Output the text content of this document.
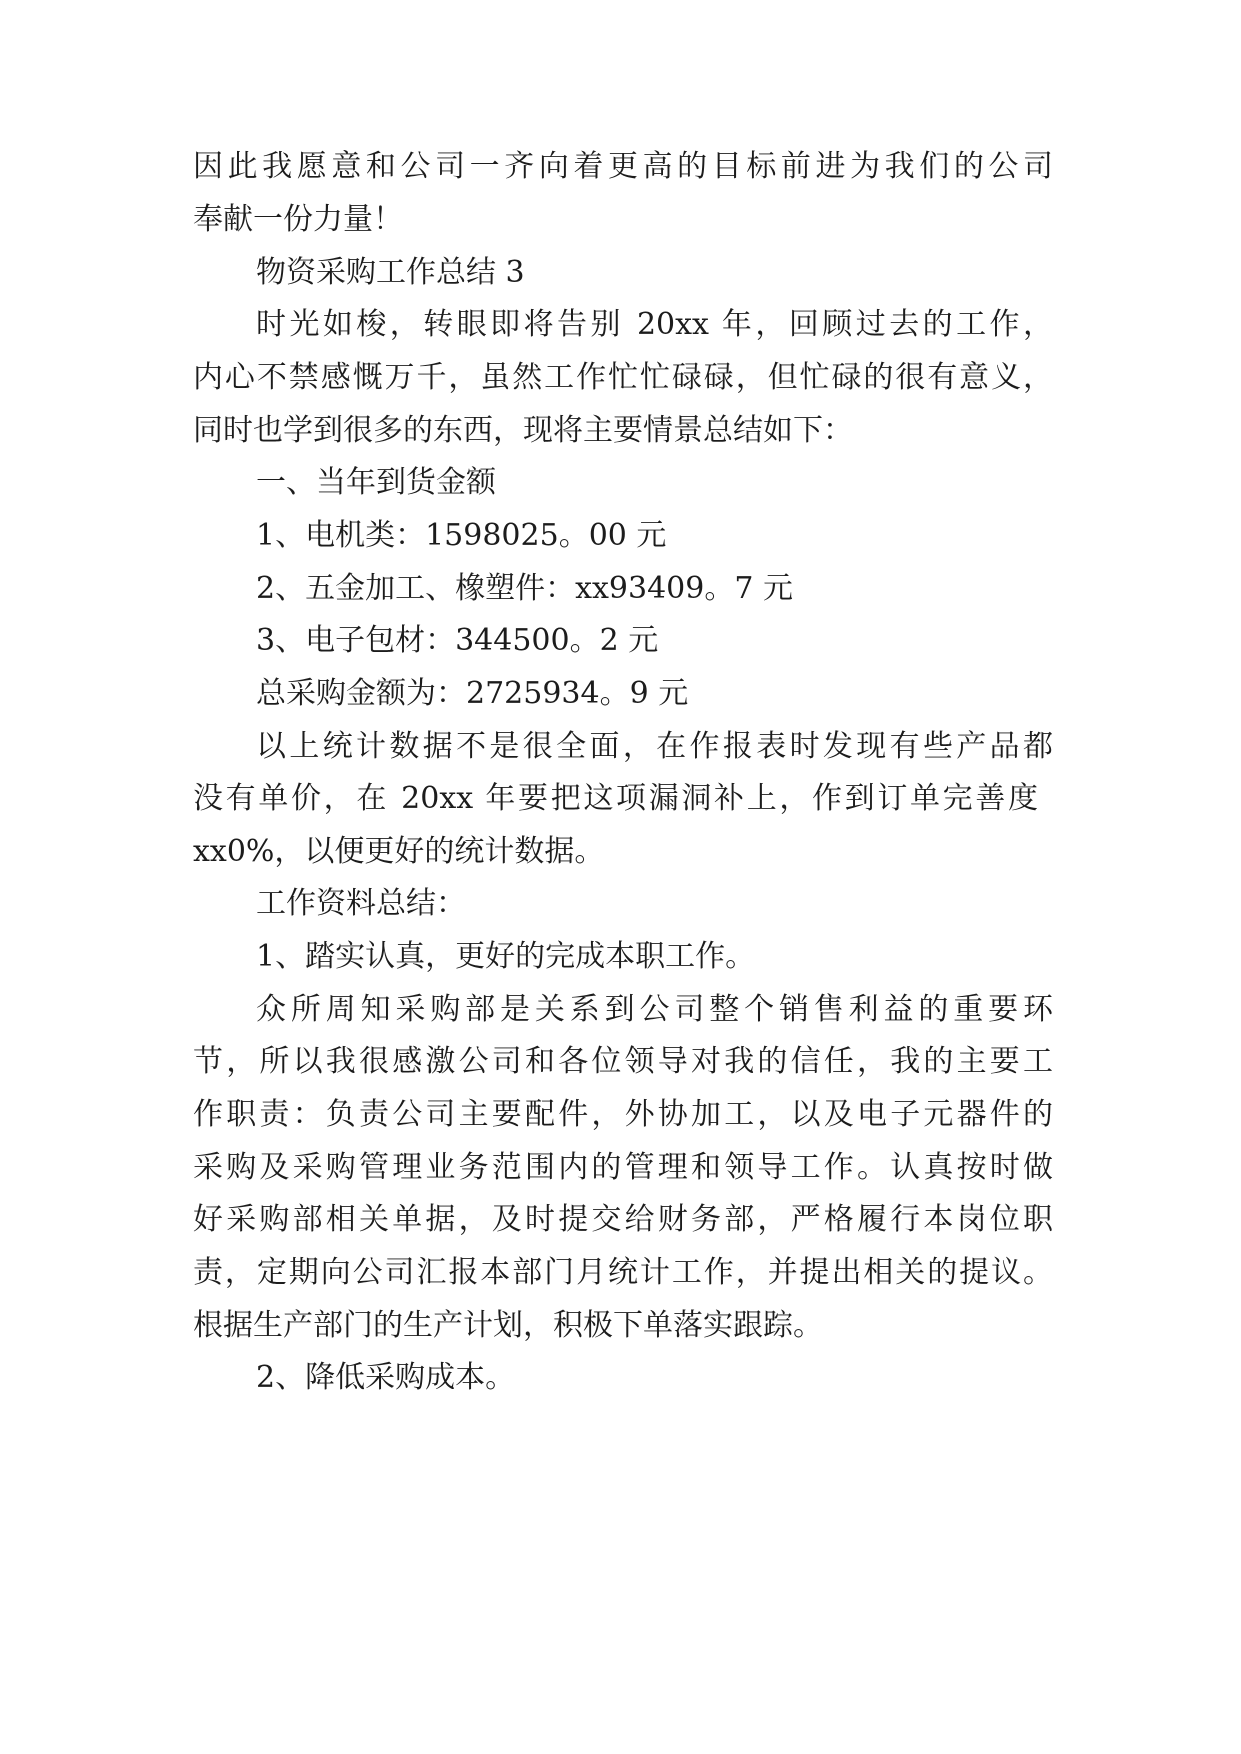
因此我愿意和公司一齐向着更高的目标前进为我们的公司

奉献一份力量！

物资采购工作总结 3

时光如梭，转眼即将告别 20xx 年，回顾过去的工作，

内心不禁感慨万千，虽然工作忙忙碌碌，但忙碌的很有意义，

同时也学到很多的东西，现将主要情景总结如下：

一、当年到货金额

1、电机类：1598025。00 元

2、五金加工、橡塑件：xx93409。7 元

3、电子包材：344500。2 元

总采购金额为：2725934。9 元

以上统计数据不是很全面，在作报表时发现有些产品都

没有单价，在 20xx 年要把这项漏洞补上，作到订单完善度

xx0%，以便更好的统计数据。

工作资料总结：

1、踏实认真，更好的完成本职工作。

众所周知采购部是关系到公司整个销售利益的重要环

节，所以我很感激公司和各位领导对我的信任，我的主要工

作职责：负责公司主要配件，外协加工，以及电子元器件的

采购及采购管理业务范围内的管理和领导工作。认真按时做

好采购部相关单据，及时提交给财务部，严格履行本岗位职

责，定期向公司汇报本部门月统计工作，并提出相关的提议。

根据生产部门的生产计划，积极下单落实跟踪。

2、降低采购成本。
